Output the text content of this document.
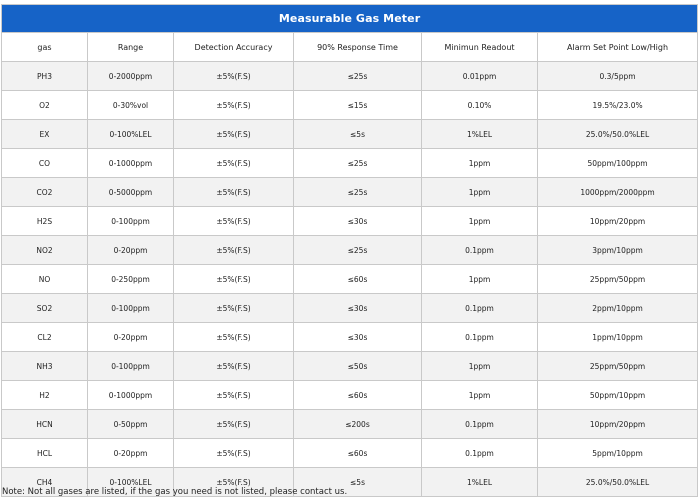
Measurable Gas Meter					
gas	Range	Detection Accuracy	90% Response Time	Minimun Readout	Alarm Set Point Low/High
PH3	0-2000ppm	±5%(F.S)	≤25s	0.01ppm	0.3/5ppm
O2	0-30%vol	±5%(F.S)	≤15s	0.10%	19.5%/23.0%
EX	0-100%LEL	±5%(F.S)	≤5s	1%LEL	25.0%/50.0%LEL
CO	0-1000ppm	±5%(F.S)	≤25s	1ppm	50ppm/100ppm
CO2	0-5000ppm	±5%(F.S)	≤25s	1ppm	1000ppm/2000ppm
H2S	0-100ppm	±5%(F.S)	≤30s	1ppm	10ppm/20ppm
NO2	0-20ppm	±5%(F.S)	≤25s	0.1ppm	3ppm/10ppm
NO	0-250ppm	±5%(F.S)	≤60s	1ppm	25ppm/50ppm
SO2	0-100ppm	±5%(F.S)	≤30s	0.1ppm	2ppm/10ppm
CL2	0-20ppm	±5%(F.S)	≤30s	0.1ppm	1ppm/10ppm
NH3	0-100ppm	±5%(F.S)	≤50s	1ppm	25ppm/50ppm
H2	0-1000ppm	±5%(F.S)	≤60s	1ppm	50ppm/10ppm
HCN	0-50ppm	±5%(F.S)	≤200s	0.1ppm	10ppm/20ppm
HCL	0-20ppm	±5%(F.S)	≤60s	0.1ppm	5ppm/10ppm
CH4	0-100%LEL	±5%(F.S)	≤5s	1%LEL	25.0%/50.0%LEL
Note: Not all gases are listed, if the gas you need is not listed, please contact us.
